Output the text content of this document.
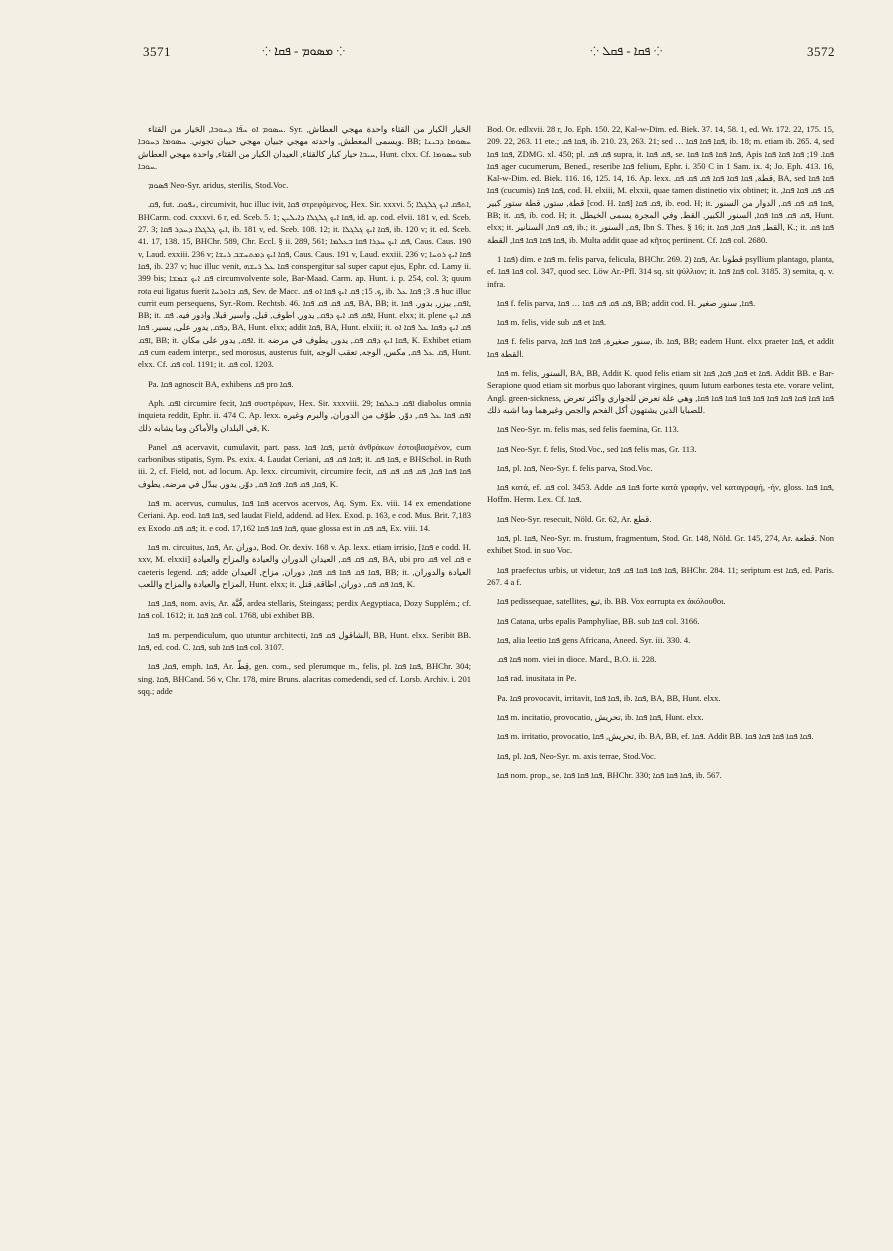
3571	⁘ ܡܣܘܡ - ܦܩܐ ⁘	⁘ ܦܩܐ - ܦܩܠ ⁘	3572

ܚܣܘܡ ܐܘ ܚܦ̈ܐ ܕܚܘܒܐ, الحَيار من القثاء. Syr. الحَيار الكبار من القثاء واحدة مهجي العطاش, ويسمى المعطش, واحدته مهجي جبيان مهجي حبيان تجوني. ܚܣܘܡܐ ܕܚܘܒܐ. BB; ܚܣܘܡܐ ܕܒܝܢܐ ܚܝܒܐ حيار كبار كالقثاء, العيدان الكبار من القثاء, واحدة مهجي العطاش, Hunt. clxx. Cf. ܚܣܘܡܐ sub ܚܘܒܐ.

ܦܣܘܡ Neo-Syr. aridus, sterilis, Stod.Voc.

ܦܩ, fut. ܢܦܘܩ, circumivit, huc illuc ivit, ܦܩܐ στρεφόμενος, Hex. Sir. xxxvi. 5; ܐܬܦܩ ܐܝܟ ܓܠܓܠܐ, BHCarm. cod. cxxxvi. 6 r, ed. Sceb. 5. 1; ܦܩܐ ܐܝܟ ܓܠܓܠܐ ܕܐܝܠܝܢ, id. ap. cod. elvii. 181 v, ed. Sceb. 27. 3; ܐܝܟ ܓܠܓܠܐ ܕܚܕܪ ܦܩܐ, ib. 181 v, ed. Sceb. 108. 12; it. ܦܩܐ ܐܝܟ ܓܠܓܠܐ, ib. 120 v; it. ed. Sceb. 41. 17, 138. 15, BHChr. 589, Chr. Eccl. § ii. 289, 561; ܦܩ ܐܝܟ ܚܕܪܐ ܦܩܐ ܒܥܠܡܐ, Caus. Caus. 190 v, Laud. exxiii. 236 v; ܦܩܐ ܐܝܟ ܕܡܬܚܫܒ ܪܝܫܐ, Caus. Caus. 191 v, Laud. exxiii. 236 v; ܦܩܐ ܐܝܟ ܪܘܚܐ ܦܩܐ, ib. 237 v; huc illuc venit, ܦܩܐ ܥܠ ܪܝܫܗ conspergitur sal super caput ejus, Ephr. cd. Lamy ii. 399 bis; ܦܩ ܐܝܟ ܫܡܫܐ circumvolvente sole, Bar-Maad. Carm. ap. Hunt. i. p. 254, col. 3; quum rota eui ligatus fuerit ܦܩ ܒܐܘܪܚܐ, Sev. de Macc. ܟ. 15; ܦܩ ܐܝܟ ܦܩܐ ܐܘ ܦܩ, ib. ܦ. 3; ܦܩܐ ܥܠ huc illuc currit eum persequens, Syr.-Rom. Rechtsb. 46. ܦܩ ܦܩ ܦܩ ܦܩܐ, BA, BB; it. ܐܦܩ, بيزر, بدور. ܦܩܐ, BB; it. ܐܦܩ ܦܩ ܐܝܟ ܕܦܩ, يدور, اطوف, قبل, واسير قبلا, وادور فيه. ܦܩ, Hunt. elxx; it. plene ܦܩ ܐܝܟ ܕܦܩ, يدور على, يسير. ܦܩܐ, BA, Hunt. elxx; addit ܦܩܐ, BA, Hunt. elxiii; it. ܦܩ ܐܝܟ ܕܦܩܐ ܥܠ ܦܩܐ ܐܘ ܐܦܩ, BB; it. ܐܦܩ, يدور على مكان. it. ܦܩܐ ܐܝܟ ܕܦܩ ܦܩ, يدور, يطوف في مرضه, K. Exhibet etiam ܦܩ cum eadem interpr., sed morosus, austerus fuit, ܦܩ ܥܠ ܦܩ, مكس, الوجه, تعقب الوجه, Hunt. elxx. Cf. ܦܩ col. 1191; it. ܦܩ col. 1203.

Pa. ܦܩܐ agnoscit BA, exhibens ܦܩ pro ܦܩܐ.

Aph. ܐܦܩ circumire fecit, ܦܩܐ συστρέφων, Hex. Sir. xxxviii. 29; ܐܦܩ ܒܥܠܡܐ diabolus omnia inquieta reddit, Ephr. ii. 474 C. Ap. lexx. ܐܦܩ ܦܩܐ ܥܠ ܦܩ, دوّر, طوّف من الدوران, والبرم وغيره في البلدان والأماكن وما يشابه ذلك, K.

Panel ܦܩ acervavit, cumulavit, part. pass. ܦܩܐ ܦܩܐ, μετὰ ἀνθράκων ἐστοιβασμένον, cum carbonibus stipatis, Sym. Ps. exix. 4. Laudat Ceriani, ܦܩܐ ܦܩ ܦܩ; it. ܦܩܐ ܦܩ, e BHSchol. in Ruth iii. 2, cf. Field, not. ad locum. Ap. lexx. circumivit, circumire fecit, ܦܩܐ ܦܩܐ ܦܩܐ, ܦܩ ܦܩ ܦܩ ܦܩ ܦܩܐ, ܦܩ ܦܩܐ. ܦܩܐ ܦܩ, دوّر, يدور, يبدّل في مرضه, يطوف, K.

ܦܩܐ m. acervus, cumulus, ܦܩܐ ܦܩܐ acervos acervos, Aq. Sym. Ex. viii. 14 ex emendatione Ceriani. Ap. eod. ܦܩܐ ܦܩܐ, sed laudat Field, addend. ad Hex. Exod. p. 163, e cod. Mus. Brit. 7,183 ex Exodo ܦܩ ܦܩ; it. e cod. 17,162 ܦܩܐ ܦܩܐ ܦܩܐ, quae glossa est in ܦܩ ܦܩ, Ex. viii. 14.

ܦܩܐ m. circuitus, ܦܩܐ, Ar. دوران, Bod. Or. dexiv. 168 v. Ap. lexx. etiam irrisio, [ܦܩܐ e codd. H. xxv, M. elxxii] ܦܩ ܦܩ ܦܩ, العيدان الدوران والعيادة والمزاح والعيادة, BA, ubi pro ܦܩ vel ܦܩ e caeteris legend. ܦܩ; adde ܦܩܐ ܦܩ ܦܩܐ ܦܩ ܦܩܐ, دوران, مزاح, العيدان, BB; it. العيادة والدوران, المزاح والعيادة والمزاح واللعب, Hunt. elxx; it. ܦܩܐ ܦܩ ܦܩ, دوران, اطاقة, قتل, K.

ܦܩܐ, ܦܩܐ, nom. avis, Ar. قُبَّة, ardea stellaris, Steingass; perdix Aegyptiaca, Dozy Supplém.; cf. ܦܩܐ col. 1612; it. ܦܩܐ ܦܩܐ col. 1768, ubi exhibet BB.

ܦܩܐ m. perpendiculum, quo utuntur architecti, الشاقول ܦܩ ܦܩܐ, BB, Hunt. elxx. Seribit BB. ܦܩܐ, ed. cod. C. ܦܩܐ, sub ܦܩܐ ܦܩܐ col. 3107.

ܦܩܐ, ܦܩܐ, emph. ܦܩܐ, Ar. قِطّ, gen. com., sed plerumque m., felis, pl. ܦܩܐ ܦܩܐ, BHChr. 304; sing. ܦܩܐ, BHCand. 56 v, Chr. 178, mire Bruns. alacritas comedendi, sed cf. Lorsb. Archiv. i. 201 sqq.; adde

Bod. Or. edlxvii. 28 r, Jo. Eph. 150. 22, Kal-w-Dim. ed. Biek. 37. 14, 58. 1, ed. Wr. 172. 22, 175. 15, 209. 22, 263. 11 ete.; ܦܩܐ ܦܩ, ib. 210. 23, 263. 21; sed … ܦܩܐ ܦܩܐ ܦܩܐ, ib. 18; m. etiam ib. 265. 4, sed ܦܩܐ ܦܩܐ, ZDMG. xl. 450; pl. ܦܩ ܦܩ supra, it. ܦܩ ܦܩܐ, se. ܦܩܐ ܦܩܐ ܦܩܐ ܦܩܐ, Apis ܦܩܐ. 19; ܦܩܐ ܦܩܐ ܦܩܐ ܦܩܐ ager cucumerum, Bened., reseribe ܦܩܐ felium, Ephr. i. 350 C in 1 Sam. ix. 4; Jo. Eph. 413. 16, Kal-w-Dim. ed. Biek. 116. 16, 125. 14, 16. Ap. lexx. قطة, ܦܩܐ ܦܩܐ ܦܩܐ ܦܩ ܦܩ ܦܩ, BA, sed ܦܩܐ ܦܩܐ ܦܩܐ (cucumis) ܦܩܐ ܦܩܐ, cod. H. elxiii, M. elxxii, quae tamen distinetio vix obtinet; it. ܦܩ ܦܩ ܦܩܐ ܦܩܐ, قطة, ستور, قطة ستور كبير [cod. H. ܦܩܐ] ܦܩ ܦܩܐ, ib. eod. H; it. ܦܩܐ ܦܩ ܦܩ ܦܩ, الدوار من السنور, BB; it. ܦܩ, ib. cod. H; it. ܦܩ ܦܩ ܦܩܐ ܦܩܐ, السنور الكبير, القط, وفي المجرة يسمى الخيطل, Hunt. elxx; it. ܦܩ ܦܩܐ, السنانير, ib.; it. ܦܩ, السنور, Ibn S. Thes. § 16; it. القط, ܦܩܐ, ܦܩܐ, ܦܩܐ, K.; it. ܦܩܐ ܦܩ ܦܩܐ ܦܩܐ ܦܩܐ ܦܩܐ, القطة, ib. Multa addit quae ad κῆτος pertinent. Cf. ܦܩܐ col. 2680.

ܦܩܐ 1) dim. e ܦܩܐ m. felis parva, felicula, BHChr. 269. 2) ܦܩܐ, Ar. قطونا psyllium plantago, planta, ef. ܦܩܐ ܦܩܐ col. 347, quod sec. Löw Ar.-Pfl. 314 sq. sit ψύλλιον; it. ܦܩܐ ܦܩܐ col. 3185. 3) semita, q. v. infra.

ܦܩܐ f. felis parva, ܦܩ ܦܩ ܦܩ ܦܩܐ … ܦܩܐ, BB; addit cod. H. ܦܩܐ, سنور صغير.

ܦܩܐ m. felis, vide sub ܦܩ et ܦܩܐ.

ܦܩܐ f. felis parva, سنور صغيرة, ܦܩܐ ܦܩܐ ܦܩܐ, ib. ܦܩܐ, BB; eadem Hunt. elxx praeter ܦܩܐ, et addit القطة ܦܩܐ.

ܦܩܐ m. felis, السنور, BA, BB, Addit K. quod felis etiam sit ܦܩܐ, ܦܩܐ, ܦܩܐ et ܦܩܐ. Addit BB. e Bar-Serapione quod etiam sit morbus quo laborant virgines, quum lutum earbones testa ete. vorare velint, Angl. green-sickness, ܦܩܐ ܦܩܐ ܦܩܐ ܦܩܐ ܦܩܐ ܦܩܐ ܦܩܐ ܦܩܐ ܦܩܐ ܦܩܐ, وهي علة تعرض للجواري واكثر تعرض للصبايا الذين يشتهون أكل الفحم والجص وغيرهما وما اشبه ذلك.

ܦܩܐ Neo-Syr. m. felis mas, sed felis faemina, Gr. 113.

ܦܩܐ Neo-Syr. f. felis, Stod.Voc., sed ܦܩܐ felis mas, Gr. 113.

ܦܩܐ, pl. ܦܩܐ, Neo-Syr. f. felis parva, Stod.Voc.

ܦܩܐ κατά, ef. ܦܩ col. 3453. Adde ܦܩܐ ܦܩ forte κατὰ γραφήν, vel καταγραφή, -ήν, gloss. ܦܩܐ ܦܩܐ, Hoffm. Herm. Lex. Cf. ܦܩܐ.

ܦܩܐ Neo-Syr. resecuit, Nöld. Gr. 62, Ar. قطع.

ܦܩܐ, pl. ܦܩܐ, Neo-Syr. m. frustum, fragmentum, Stod. Gr. 148, Nöld. Gr. 145, 274, Ar. قطعة. Non exhibet Stod. in suo Voc.

ܦܩܐ praefectus urbis, ut videtur, ܦܩܐ ܦܩܐ ܦܩܐ ܦܩ ܦܩܐ, BHChr. 284. 11; seriptum est ܦܩܐ, ed. Paris. 267. 4 a f.

ܦܩܐ pedissequae, satellites, تبع, ib. BB. Vox eorrupta ex ἀκόλουθοι.

ܦܩܐ Catana, urbs epalis Pamphyliae, BB. sub ܦܩܐ col. 3166.

ܦܩܐ, alia leetio ܦܩܐ gens Africana, Aneed. Syr. iii. 330. 4.

ܦܩܐ ܦܩ nom. viei in dioce. Mard., B.O. ii. 228.

ܦܩܐ rad. inusitata in Pe.

Pa. ܦܩܐ provocavit, irritavit, ܦܩܐ ܦܩܐ, ib. ܦܩܐ, BA, BB, Hunt. elxx.

ܦܩܐ m. incitatio, provocatio, تحريش, ib. ܦܩܐ ܦܩܐ, Hunt. elxx.

ܦܩܐ m. irritatio, provocatio, تحريش, ܦܩܐ, ib. BA, BB, ef. ܦܩܐ. Addit BB. ܦܩܐ ܦܩܐ ܦܩܐ ܦܩܐ ܦܩܐ.

ܦܩܐ, pl. ܦܩܐ, Neo-Syr. m. axis terrae, Stod.Voc.

ܦܩܐ nom. prop., se. ܦܩܐ ܦܩܐ ܦܩܐ, BHChr. 330; ܦܩܐ ܦܩܐ ܦܩܐ, ib. 567.
